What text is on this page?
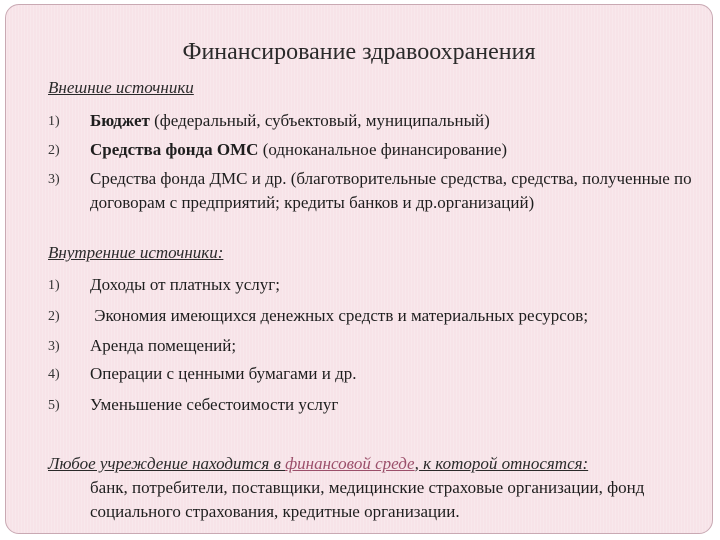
Финансирование здравоохранения
Внешние источники
1) Бюджет (федеральный, субъектовый, муниципальный)
2) Средства фонда ОМС (одноканальное финансирование)
3) Средства фонда ДМС и др. (благотворительные средства, средства, полученные по договорам с предприятий; кредиты банков и др.организаций)
Внутренние источники:
1) Доходы от платных услуг;
2) Экономия имеющихся денежных средств и материальных ресурсов;
3) Аренда помещений;
4) Операции с ценными бумагами и др.
5) Уменьшение себестоимости услуг
Любое учреждение находится в финансовой среде, к которой относятся:
банк, потребители, поставщики, медицинские страховые организации, фонд социального страхования, кредитные организации.
